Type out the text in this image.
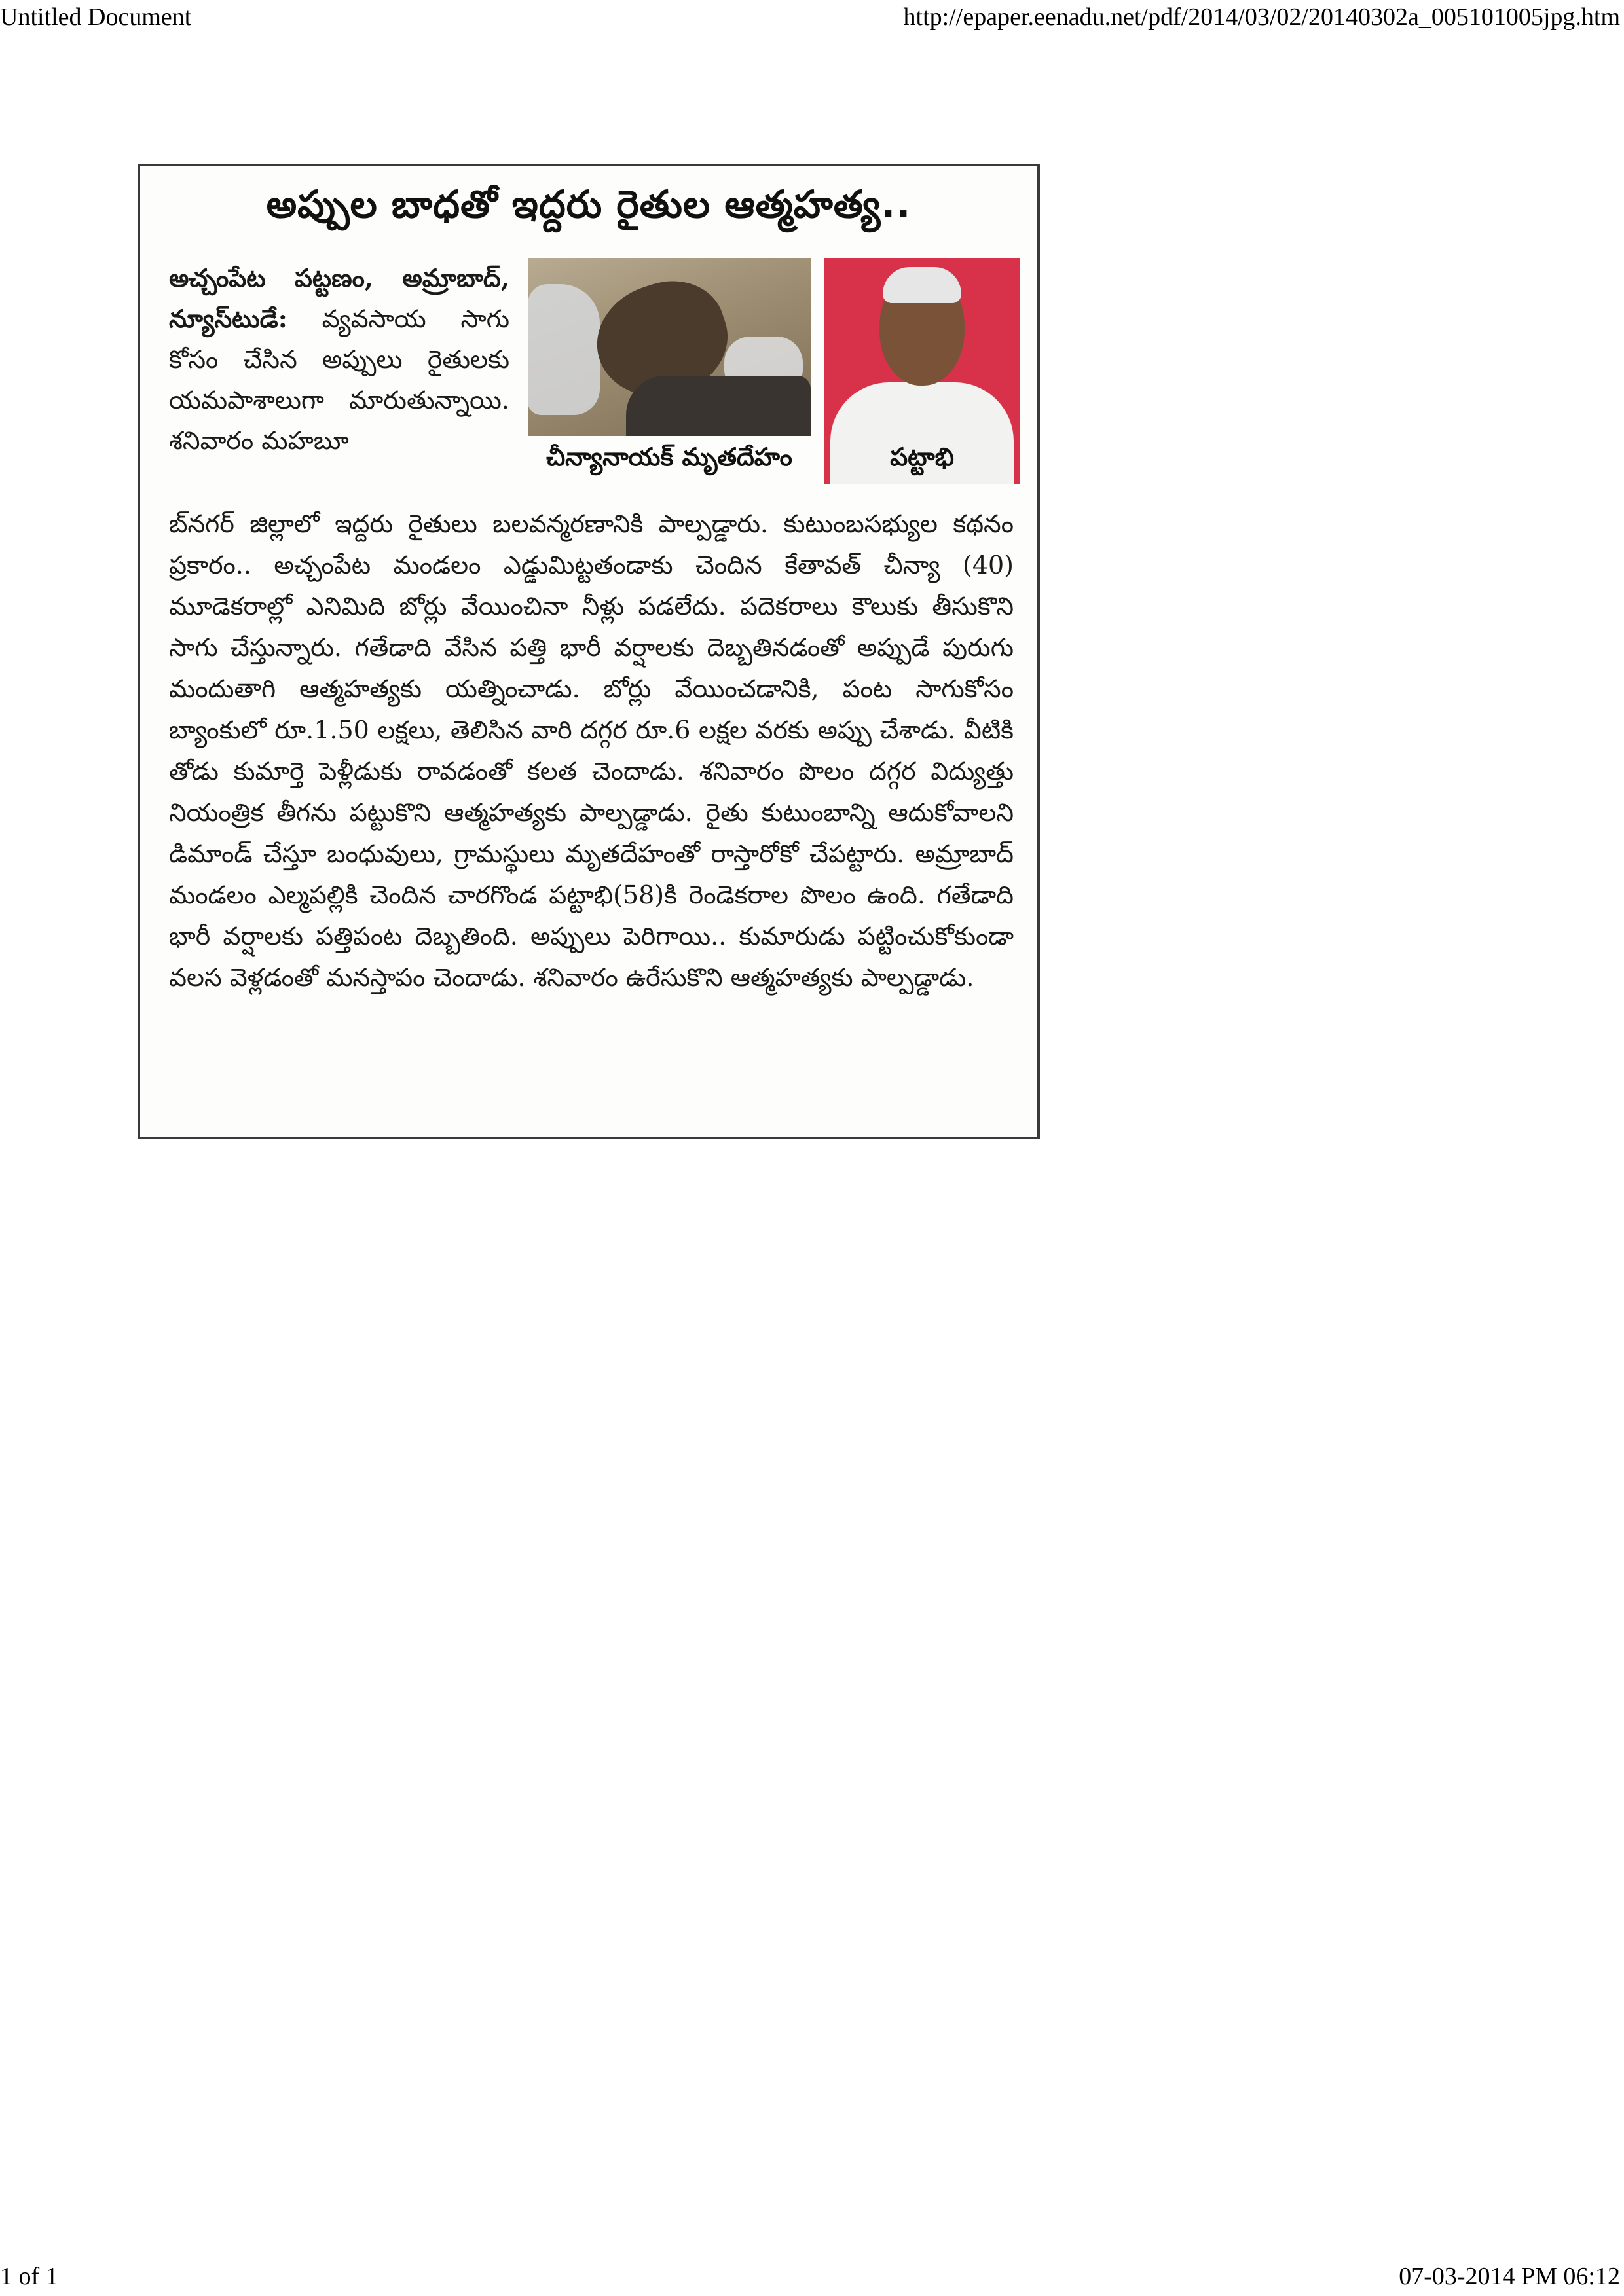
Untitled Document	http://epaper.eenadu.net/pdf/2014/03/02/20140302a_005101005jpg.htm
అప్పుల బాధతో ఇద్దరు రైతుల ఆత్మహత్య..
అచ్చంపేట పట్టణం, అమ్రాబాద్, న్యూస్‌టుడే: వ్యవసాయ సాగు కోసం చేసిన అప్పులు రైతులకు యమపాశాలుగా మారుతున్నాయి. శనివారం మహబూ
చీన్యానాయక్ మృతదేహం	పట్టాభి
బ్‌నగర్ జిల్లాలో ఇద్దరు రైతులు బలవన్మరణానికి పాల్పడ్డారు. కుటుంబసభ్యుల కథనం ప్రకారం.. అచ్చంపేట మండలం ఎడ్డుమిట్టతండాకు చెందిన కేతావత్ చీన్యా (40) మూడెకరాల్లో ఎనిమిది బోర్లు వేయించినా నీళ్లు పడలేదు. పదెకరాలు కౌలుకు తీసుకొని సాగు చేస్తున్నారు. గతేడాది వేసిన పత్తి భారీ వర్షాలకు దెబ్బతినడంతో అప్పుడే పురుగు మందుతాగి ఆత్మహత్యకు యత్నించాడు. బోర్లు వేయించడానికి, పంట సాగుకోసం బ్యాంకులో రూ.1.50 లక్షలు, తెలిసిన వారి దగ్గర రూ.6 లక్షల వరకు అప్పు చేశాడు. వీటికి తోడు కుమార్తె పెళ్లీడుకు రావడంతో కలత చెందాడు. శనివారం పొలం దగ్గర విద్యుత్తు నియంత్రిక తీగను పట్టుకొని ఆత్మహత్యకు పాల్పడ్డాడు. రైతు కుటుంబాన్ని ఆదుకోవాలని డిమాండ్ చేస్తూ బంధువులు, గ్రామస్థులు మృతదేహంతో రాస్తారోకో చేపట్టారు. అమ్రాబాద్ మండలం ఎల్మపల్లికి చెందిన చారగొండ పట్టాభి(58)కి రెండెకరాల పొలం ఉంది. గతేడాది భారీ వర్షాలకు పత్తిపంట దెబ్బతింది. అప్పులు పెరిగాయి.. కుమారుడు పట్టించుకోకుండా వలస వెళ్లడంతో మనస్తాపం చెందాడు. శనివారం ఉరేసుకొని ఆత్మహత్యకు పాల్పడ్డాడు.
1 of 1	07-03-2014 PM 06:12
